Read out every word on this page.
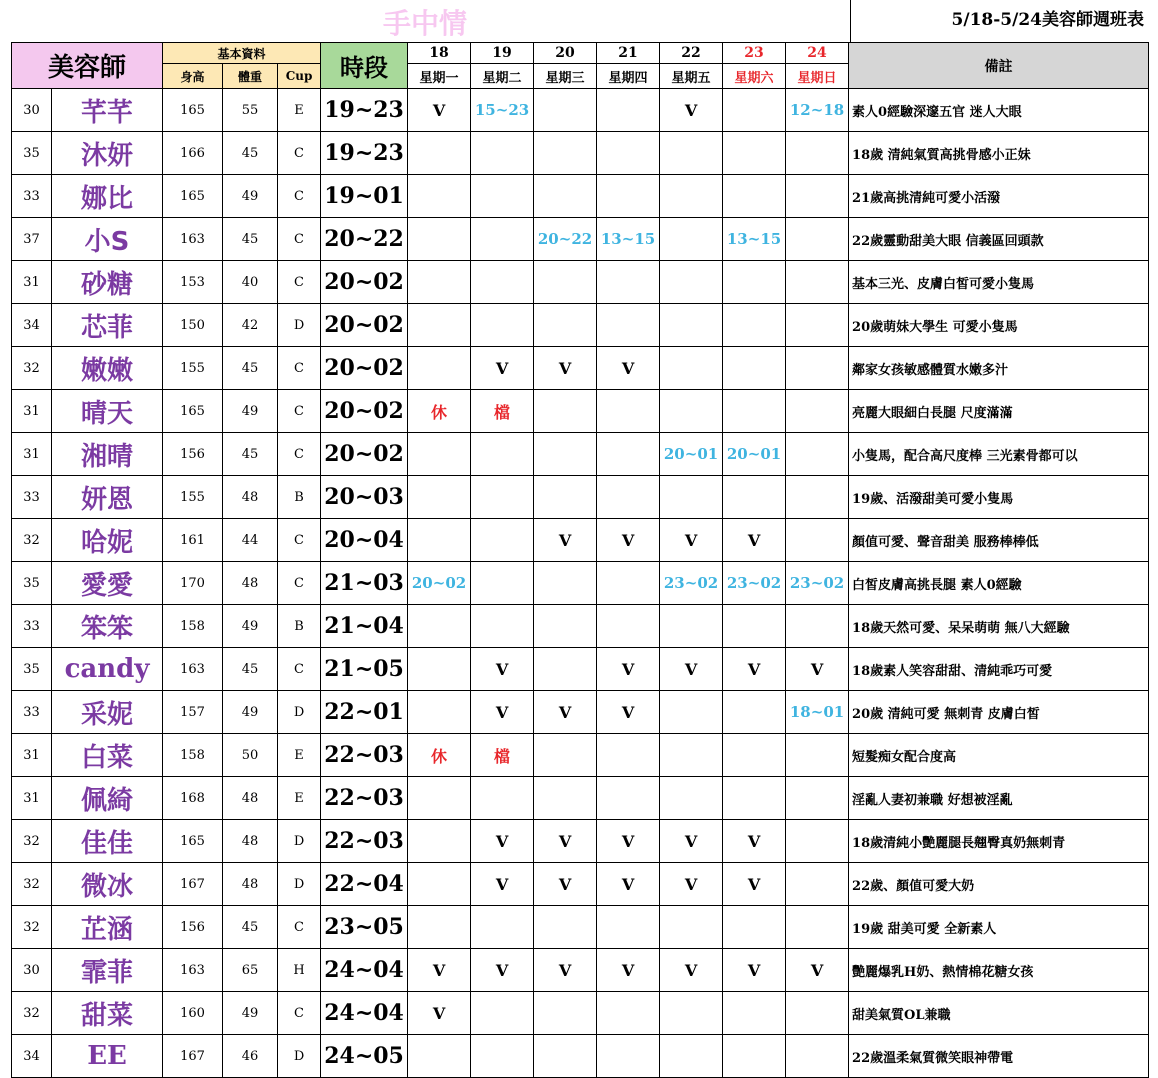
手中情	5/18-5/24美容師週班表
美容師		基本資料			時段	18	19	20	21	22	23	24	備註
		身高	體重	Cup		星期一	星期二	星期三	星期四	星期五	星期六	星期日	
30	芊芊	165	55	E	19~23	V	15~23			V		12~18	素人0經驗深邃五官 迷人大眼
35	沐妍	166	45	C	19~23								18歲 清純氣質高挑骨感小正妹
33	娜比	165	49	C	19~01								21歲高挑清純可愛小活潑
37	小S	163	45	C	20~22			20~22	13~15		13~15		22歲靈動甜美大眼 信義區回頭款
31	砂糖	153	40	C	20~02								基本三光、皮膚白皙可愛小隻馬
34	芯菲	150	42	D	20~02								20歲萌妹大學生 可愛小隻馬
32	嫩嫩	155	45	C	20~02		V	V	V				鄰家女孩敏感體質水嫩多汁
31	晴天	165	49	C	20~02	休	檔						亮麗大眼細白長腿 尺度滿滿
31	湘晴	156	45	C	20~02					20~01	20~01		小隻馬，配合高尺度棒 三光素骨都可以
33	妍恩	155	48	B	20~03								19歲、活潑甜美可愛小隻馬
32	哈妮	161	44	C	20~04			V	V	V	V		顏值可愛、聲音甜美 服務棒棒低
35	愛愛	170	48	C	21~03	20~02				23~02	23~02	23~02	白皙皮膚高挑長腿 素人0經驗
33	笨笨	158	49	B	21~04								18歲天然可愛、呆呆萌萌 無八大經驗
35	candy	163	45	C	21~05		V		V	V	V	V	18歲素人笑容甜甜、清純乖巧可愛
33	采妮	157	49	D	22~01		V	V	V			18~01	20歲 清純可愛 無刺青 皮膚白皙
31	白菜	158	50	E	22~03	休	檔						短髮痴女配合度高
31	佩綺	168	48	E	22~03								淫亂人妻初兼職 好想被淫亂
32	佳佳	165	48	D	22~03		V	V	V	V	V		18歲清純小艷麗腿長翹臀真奶無刺青
32	微冰	167	48	D	22~04		V	V	V	V	V		22歲、顏值可愛大奶
32	芷涵	156	45	C	23~05								19歲 甜美可愛 全新素人
30	霏菲	163	65	H	24~04	V	V	V	V	V	V	V	艷麗爆乳H奶、熱情棉花糖女孩
32	甜菜	160	49	C	24~04	V							甜美氣質OL兼職
34	EE	167	46	D	24~05								22歲溫柔氣質微笑眼神帶電
